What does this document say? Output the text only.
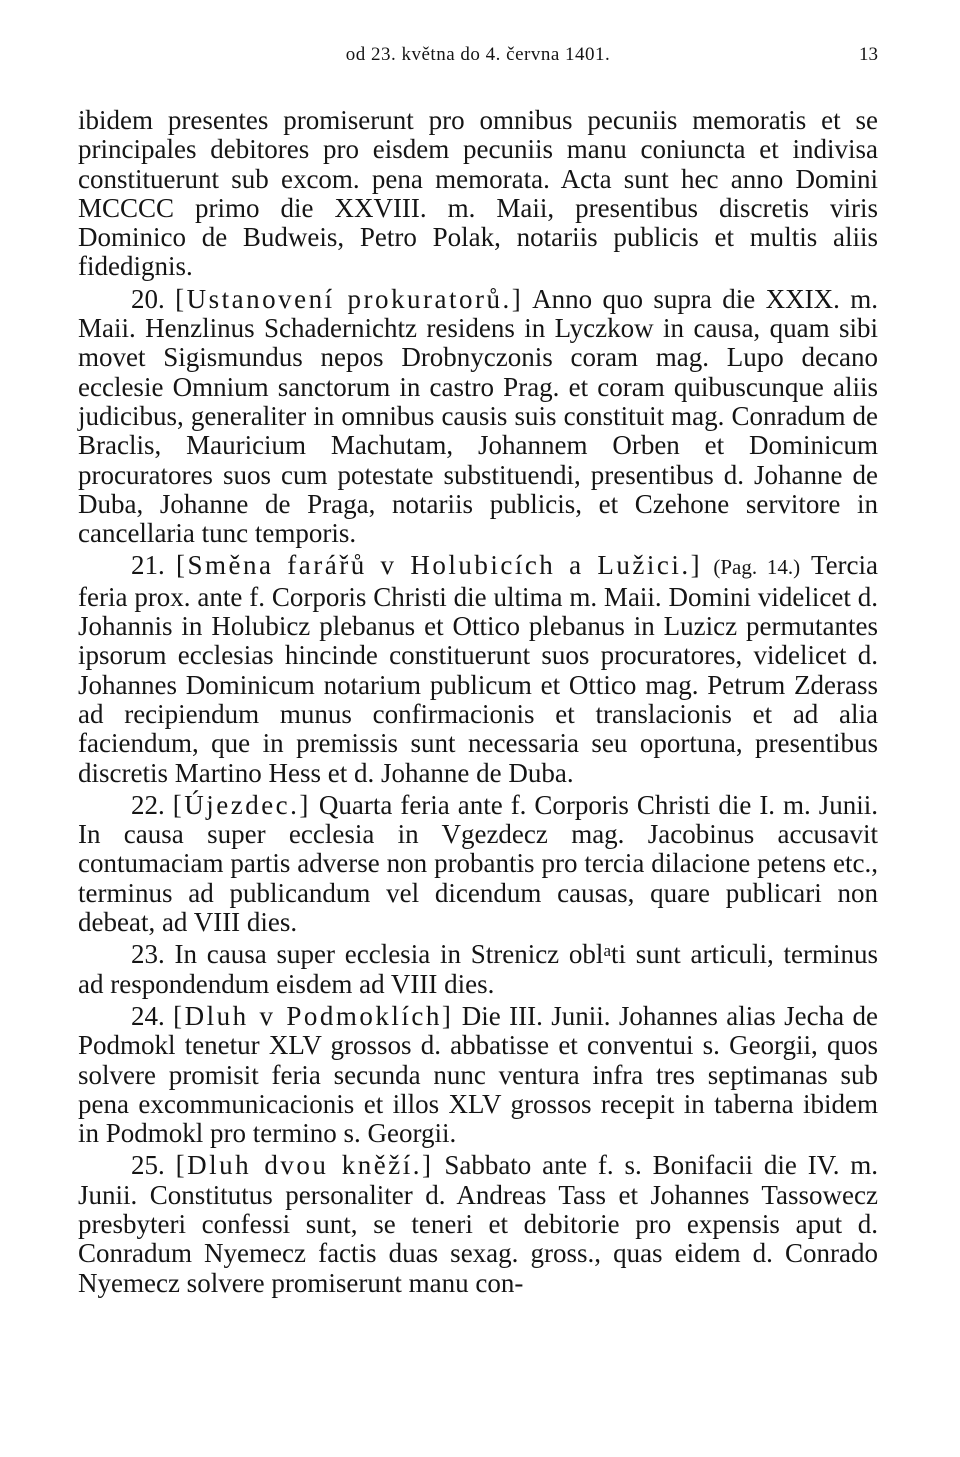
od 23. května do 4. června 1401.	13

ibidem presentes promiserunt pro omnibus pecuniis memoratis et se principales debitores pro eisdem pecuniis manu coniuncta et indivisa constituerunt sub excom. pena memorata. Acta sunt hec anno Domini MCCCC primo die XXVIII. m. Maii, presentibus discretis viris Dominico de Budweis, Petro Polak, notariis publicis et multis aliis fidedignis.

20. [Ustanovení prokuratorů.] Anno quo supra die XXIX. m. Maii. Henzlinus Schadernichtz residens in Lyczkow in causa, quam sibi movet Sigismundus nepos Drobnyczonis coram mag. Lupo decano ecclesie Omnium sanctorum in castro Prag. et coram quibuscunque aliis judicibus, generaliter in omnibus causis suis constituit mag. Conradum de Braclis, Mauricium Machutam, Johannem Orben et Dominicum procuratores suos cum potestate substituendi, presentibus d. Johanne de Duba, Johanne de Praga, notariis publicis, et Czehone servitore in cancellaria tunc temporis.

21. [Směna farářů v Holubicích a Lužici.] (Pag. 14.) Tercia feria prox. ante f. Corporis Christi die ultima m. Maii. Domini videlicet d. Johannis in Holubicz plebanus et Ottico plebanus in Luzicz permutantes ipsorum ecclesias hincinde constituerunt suos procuratores, videlicet d. Johannes Dominicum notarium publicum et Ottico mag. Petrum Zderass ad recipiendum munus confirmacionis et translacionis et ad alia faciendum, que in premissis sunt necessaria seu oportuna, presentibus discretis Martino Hess et d. Johanne de Duba.

22. [Újezdec.] Quarta feria ante f. Corporis Christi die I. m. Junii. In causa super ecclesia in Vgezdecz mag. Jacobinus accusavit contumaciam partis adverse non probantis pro tercia dilacione petens etc., terminus ad publicandum vel dicendum causas, quare publicari non debeat, ad VIII dies.

23. In causa super ecclesia in Strenicz obl$^a$ti sunt articuli, terminus ad respondendum eisdem ad VIII dies.

24. [Dluh v Podmoklích] Die III. Junii. Johannes alias Jecha de Podmokl tenetur XLV grossos d. abbatisse et conventui s. Georgii, quos solvere promisit feria secunda nunc ventura infra tres septimanas sub pena excommunicacionis et illos XLV grossos recepit in taberna ibidem in Podmokl pro termino s. Georgii.

25. [Dluh dvou kněží.] Sabbato ante f. s. Bonifacii die IV. m. Junii. Constitutus personaliter d. Andreas Tass et Johannes Tassowecz presbyteri confessi sunt, se teneri et debitorie pro expensis aput d. Conradum Nyemecz factis duas sexag. gross., quas eidem d. Conrado Nyemecz solvere promiserunt manu con-
